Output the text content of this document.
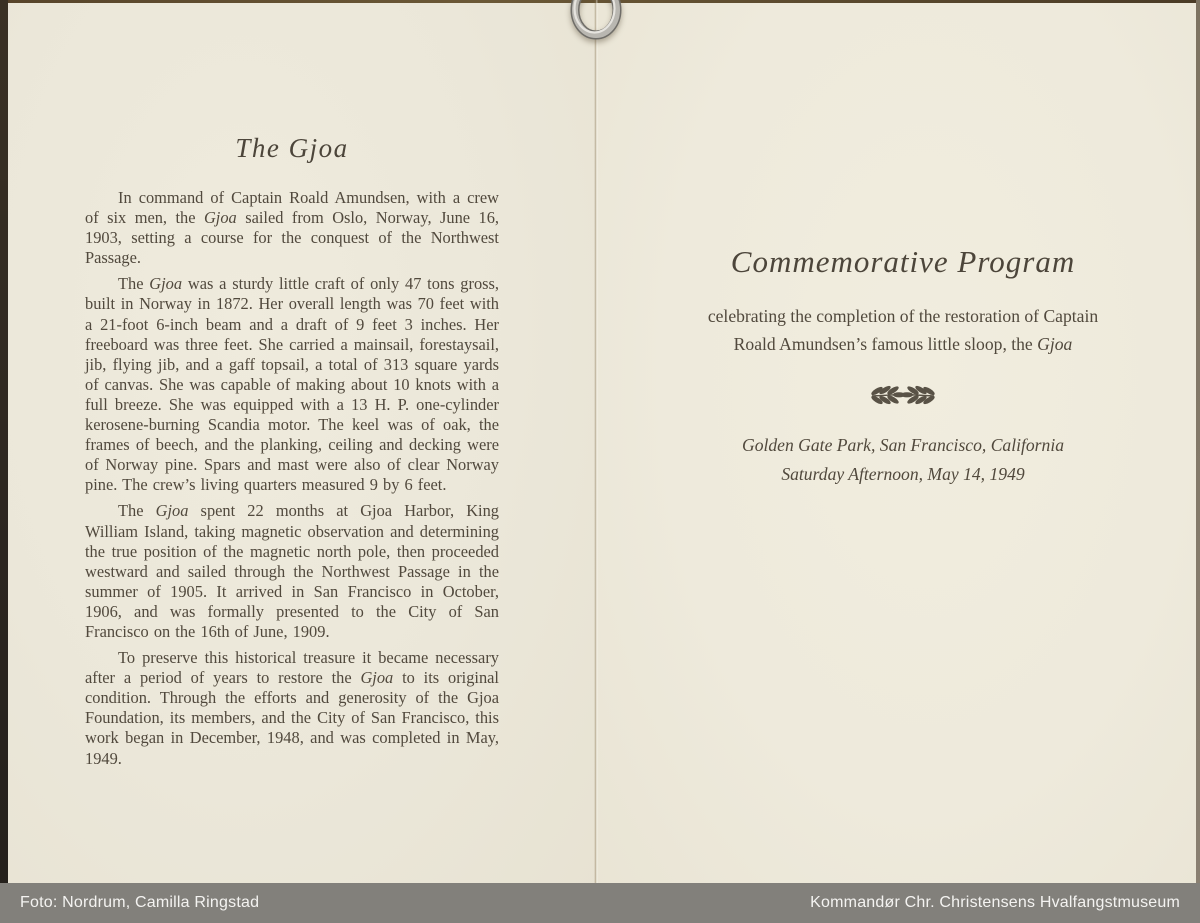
The Gjoa

In command of Captain Roald Amundsen, with a crew of six men, the Gjoa sailed from Oslo, Norway, June 16, 1903, setting a course for the conquest of the Northwest Passage.

The Gjoa was a sturdy little craft of only 47 tons gross, built in Norway in 1872. Her overall length was 70 feet with a 21-foot 6-inch beam and a draft of 9 feet 3 inches. Her freeboard was three feet. She carried a mainsail, forestaysail, jib, flying jib, and a gaff topsail, a total of 313 square yards of canvas. She was capable of making about 10 knots with a full breeze. She was equipped with a 13 H. P. one-cylinder kerosene-burning Scandia motor. The keel was of oak, the frames of beech, and the planking, ceiling and decking were of Norway pine. Spars and mast were also of clear Norway pine. The crew’s living quarters measured 9 by 6 feet.

The Gjoa spent 22 months at Gjoa Harbor, King William Island, taking magnetic observation and determining the true position of the magnetic north pole, then proceeded westward and sailed through the Northwest Passage in the summer of 1905. It arrived in San Francisco in October, 1906, and was formally presented to the City of San Francisco on the 16th of June, 1909.

To preserve this historical treasure it became necessary after a period of years to restore the Gjoa to its original condition. Through the efforts and generosity of the Gjoa Foundation, its members, and the City of San Francisco, this work began in December, 1948, and was completed in May, 1949.

Commemorative Program
celebrating the completion of the restoration of Captain
Roald Amundsen’s famous little sloop, the Gjoa
Golden Gate Park, San Francisco, California
Saturday Afternoon, May 14, 1949
Foto: Nordrum, Camilla Ringstad	Kommandør Chr. Christensens Hvalfangstmuseum
